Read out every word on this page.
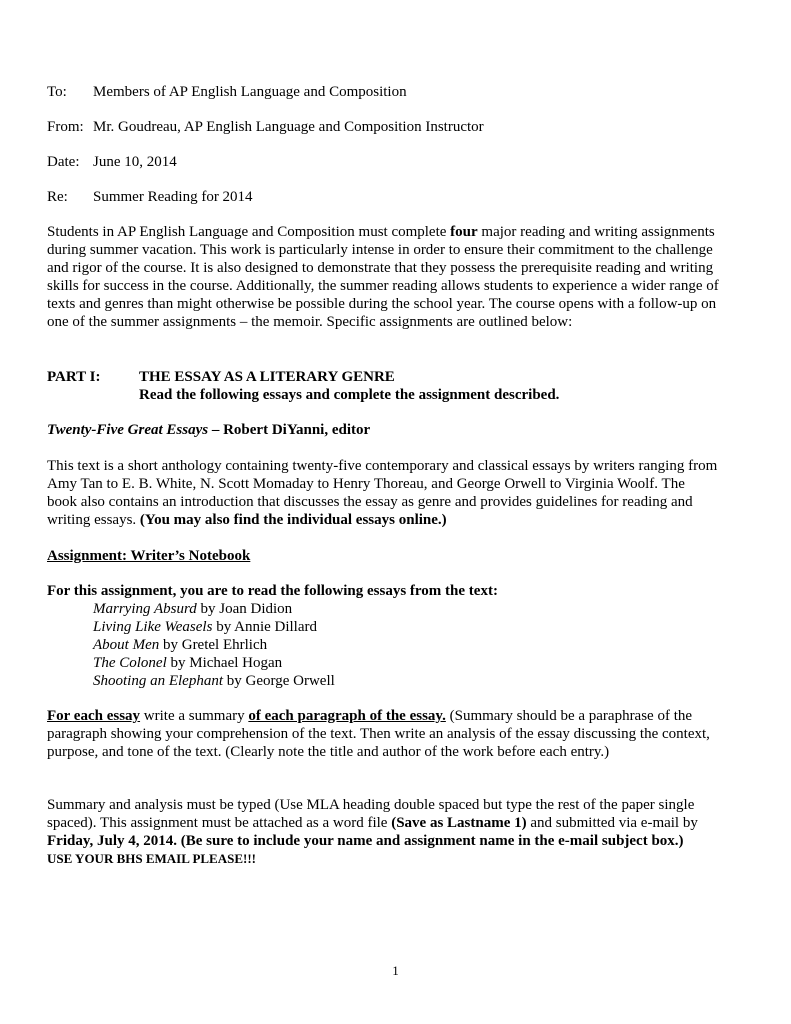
To: Members of AP English Language and Composition
From: Mr. Goudreau, AP English Language and Composition Instructor
Date: June 10, 2014
Re: Summer Reading for 2014
Students in AP English Language and Composition must complete four major reading and writing assignments
during summer vacation. This work is particularly intense in order to ensure their commitment to the challenge
and rigor of the course. It is also designed to demonstrate that they possess the prerequisite reading and writing
skills for success in the course. Additionally, the summer reading allows students to experience a wider range of
texts and genres than might otherwise be possible during the school year. The course opens with a follow-up on
one of the summer assignments – the memoir. Specific assignments are outlined below:
PART I:	THE ESSAY AS A LITERARY GENRE
Read the following essays and complete the assignment described.
Twenty-Five Great Essays – Robert DiYanni, editor
This text is a short anthology containing twenty-five contemporary and classical essays by writers ranging from
Amy Tan to E. B. White, N. Scott Momaday to Henry Thoreau, and George Orwell to Virginia Woolf. The
book also contains an introduction that discusses the essay as genre and provides guidelines for reading and
writing essays. (You may also find the individual essays online.)
Assignment: Writer’s Notebook
For this assignment, you are to read the following essays from the text:
Marrying Absurd by Joan Didion
Living Like Weasels by Annie Dillard
About Men by Gretel Ehrlich
The Colonel by Michael Hogan
Shooting an Elephant by George Orwell
For each essay write a summary of each paragraph of the essay. (Summary should be a paraphrase of the
paragraph showing your comprehension of the text. Then write an analysis of the essay discussing the context,
purpose, and tone of the text. (Clearly note the title and author of the work before each entry.)
Summary and analysis must be typed (Use MLA heading double spaced but type the rest of the paper single
spaced). This assignment must be attached as a word file (Save as Lastname 1) and submitted via e-mail by
Friday, July 4, 2014. (Be sure to include your name and assignment name in the e-mail subject box.)
USE YOUR BHS EMAIL PLEASE!!!
1
